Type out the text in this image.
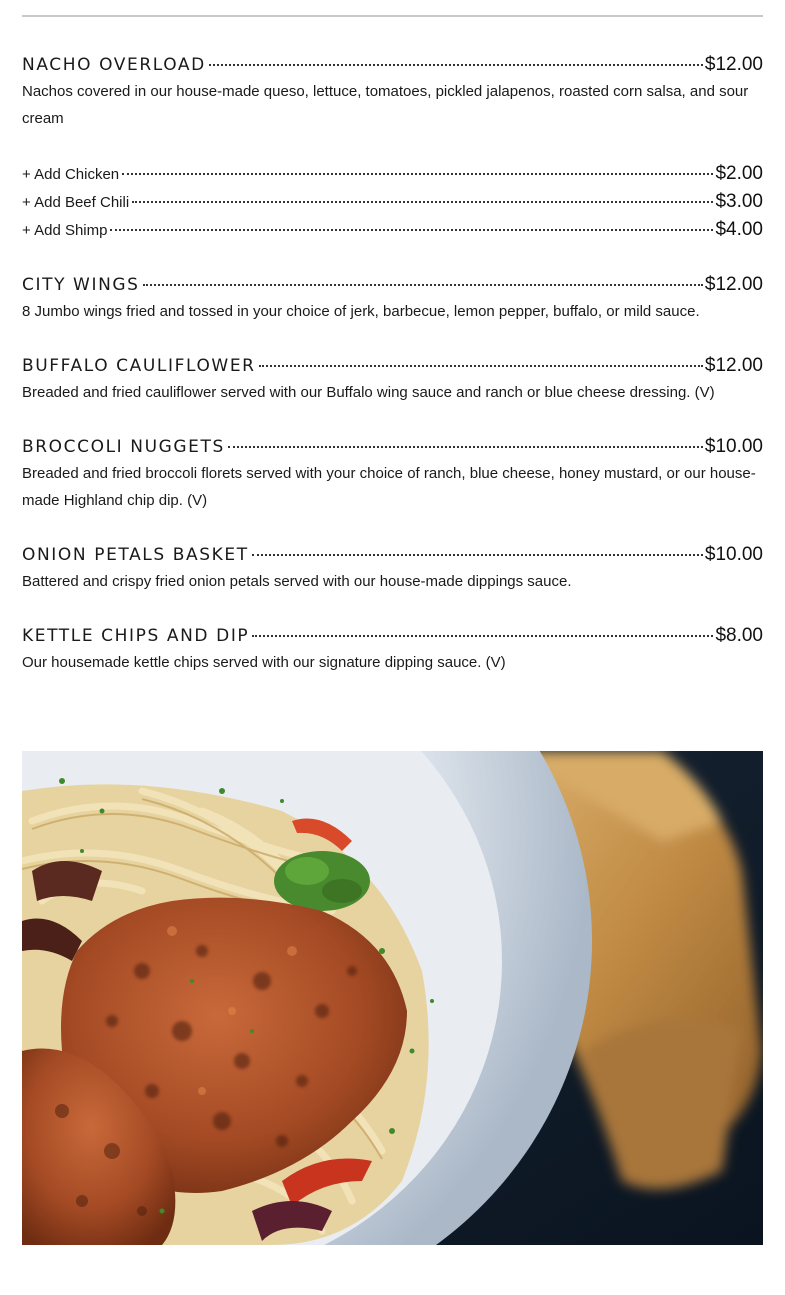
NACHO OVERLOAD	$12.00

Nachos covered in our house-made queso, lettuce, tomatoes, pickled jalapenos, roasted corn salsa, and sour cream

+ Add Chicken	$2.00
+ Add Beef Chili	$3.00
+ Add Shimp	$4.00
CITY WINGS	$12.00

8 Jumbo wings fried and tossed in your choice of jerk, barbecue, lemon pepper, buffalo, or mild sauce.

BUFFALO CAULIFLOWER	$12.00

Breaded and fried cauliflower served with our Buffalo wing sauce and ranch or blue cheese dressing. (V)

BROCCOLI NUGGETS	$10.00

Breaded and fried broccoli florets served with your choice of ranch, blue cheese, honey mustard, or our house-made Highland chip dip. (V)

ONION PETALS BASKET	$10.00

Battered and crispy fried onion petals served with our house-made dippings sauce.

KETTLE CHIPS AND DIP	$8.00

Our housemade kettle chips served with our signature dipping sauce. (V)
